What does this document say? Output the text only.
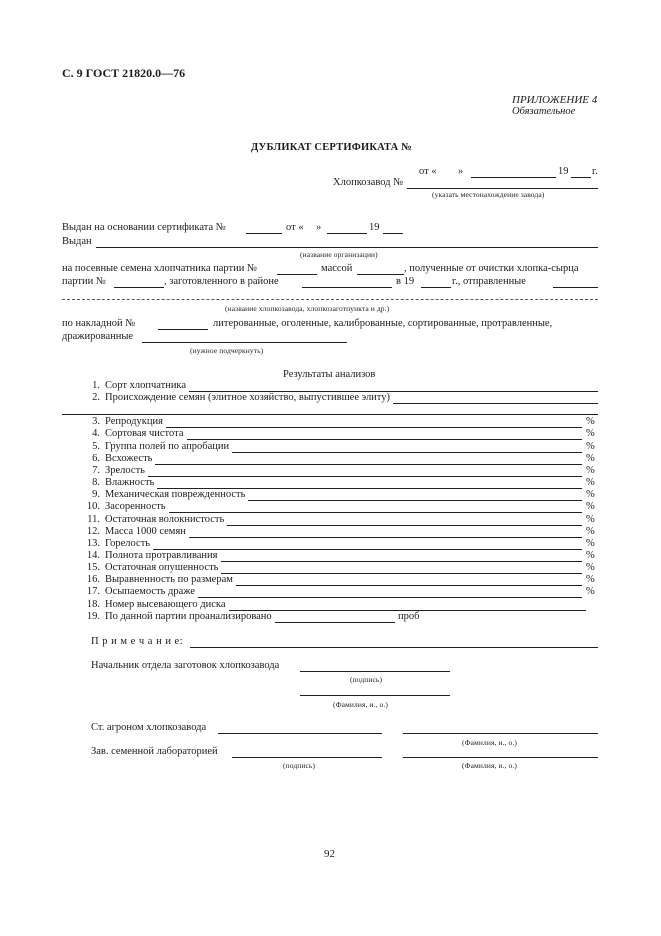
С. 9 ГОСТ 21820.0—76
ПРИЛОЖЕНИЕ 4
Обязательное
ДУБЛИКАТ СЕРТИФИКАТА №
от « »	19 г.
Хлопкозавод №
(указать местонахождение завода)
Выдан на основании сертификата №	от « »	19
Выдан
(название организации)
на посевные семена хлопчатника партии №	массой	, полученные от очистки хлопка-сырца
партии №	, заготовленного в районе	в 19	г., отправленные
(название хлопкозавода, хлопкозаготпункта и др.)
по накладной №	литерованные, оголенные, калиброванные, сортированные, протравленные,
дражированные
(нужное подчеркнуть)
Результаты анализов
1. Сорт хлопчатника
2. Происхождение семян (элитное хозяйство, выпустившее элиту)
3. Репродукция	%
4. Сортовая чистота	%
5. Группа полей по апробации	%
6. Всхожесть	%
7. Зрелость	%
8. Влажность	%
9. Механическая поврежденность	%
10. Засоренность	%
11. Остаточная волокнистость	%
12. Масса 1000 семян	%
13. Горелость	%
14. Полнота протравливания	%
15. Остаточная опушенность	%
16. Выравненность по размерам	%
17. Осыпаемость драже	%
18. Номер высевающего диска
19. По данной партии проанализировано	проб
П р и м е ч а н и е:
Начальник отдела заготовок хлопкозавода
(подпись)
(Фамилия, и., о.)
Ст. агроном хлопкозавода
(Фамилия, и., о.)
Зав. семенной лабораторией
(подпись)	(Фамилия, и., о.)
92
